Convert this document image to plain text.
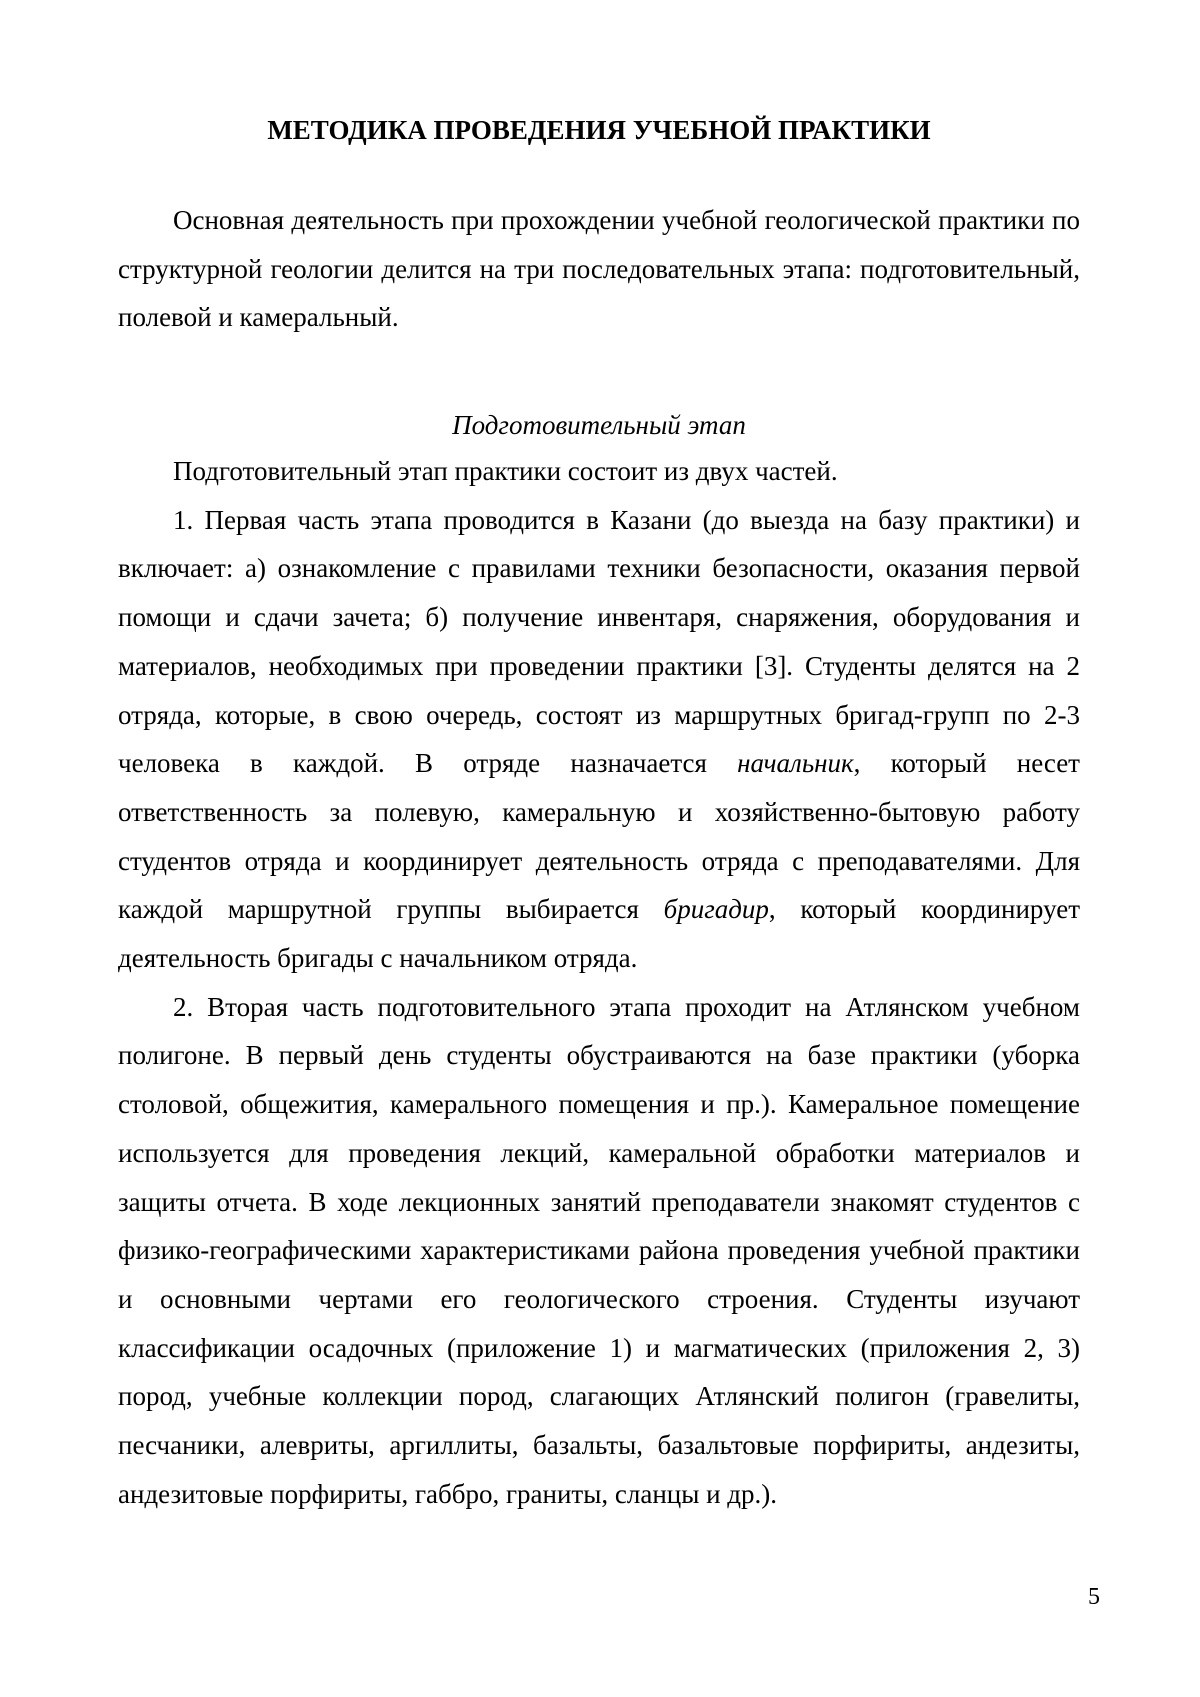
МЕТОДИКА ПРОВЕДЕНИЯ УЧЕБНОЙ ПРАКТИКИ

Основная деятельность при прохождении учебной геологической практики по структурной геологии делится на три последовательных этапа: подготовительный, полевой и камеральный.

Подготовительный этап

Подготовительный этап практики состоит из двух частей.

1. Первая часть этапа проводится в Казани (до выезда на базу практики) и включает: а) ознакомление с правилами техники безопасности, оказания первой помощи и сдачи зачета; б) получение инвентаря, снаряжения, оборудования и материалов, необходимых при проведении практики [3]. Студенты делятся на 2 отряда, которые, в свою очередь, состоят из маршрутных бригад-групп по 2-3 человека в каждой. В отряде назначается начальник, который несет ответственность за полевую, камеральную и хозяйственно-бытовую работу студентов отряда и координирует деятельность отряда с преподавателями. Для каждой маршрутной группы выбирается бригадир, который координирует деятельность бригады с начальником отряда.

2. Вторая часть подготовительного этапа проходит на Атлянском учебном полигоне. В первый день студенты обустраиваются на базе практики (уборка столовой, общежития, камерального помещения и пр.). Камеральное помещение используется для проведения лекций, камеральной обработки материалов и защиты отчета. В ходе лекционных занятий преподаватели знакомят студентов с физико-географическими характеристиками района проведения учебной практики и основными чертами его геологического строения. Студенты изучают классификации осадочных (приложение 1) и магматических (приложения 2, 3) пород, учебные коллекции пород, слагающих Атлянский полигон (гравелиты, песчаники, алевриты, аргиллиты, базальты, базальтовые порфириты, андезиты, андезитовые порфириты, габбро, граниты, сланцы и др.).

5
